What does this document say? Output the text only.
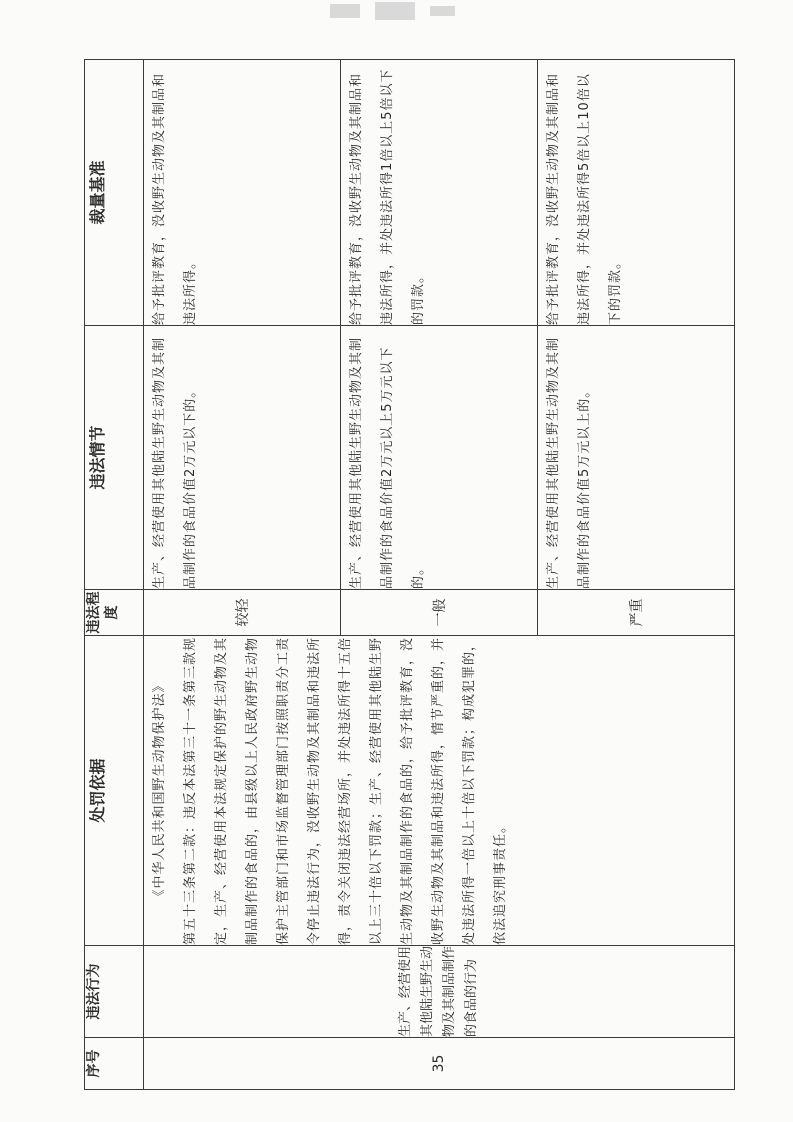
序号	违法行为	处罚依据	违法程度	违法情节	裁量基准
35	生产、经营使用其他陆生野生动物及其制品制作的食品的行为	《中华人民共和国野生动物保护法》 第五十三条第二款：违反本法第三十一条第三款规定，生产、经营使用本法规定保护的野生动物及其制品制作的食品的，由县级以上人民政府野生动物保护主管部门和市场监督管理部门按照职责分工责令停止违法行为，没收野生动物及其制品和违法所得，责令关闭违法经营场所，并处违法所得十五倍以上三十倍以下罚款；生产、经营使用其他陆生野生动物及其制品制作的食品的，给予批评教育，没收野生动物及其制品和违法所得，情节严重的，并处违法所得一倍以上十倍以下罚款；构成犯罪的，依法追究刑事责任。	较轻	生产、经营使用其他陆生野生动物及其制品制作的食品价值2万元以下的。	给予批评教育，没收野生动物及其制品和违法所得。
			一般	生产、经营使用其他陆生野生动物及其制品制作的食品价值2万元以上5万元以下的。	给予批评教育，没收野生动物及其制品和违法所得，并处违法所得1倍以上5倍以下的罚款。
			严重	生产、经营使用其他陆生野生动物及其制品制作的食品价值5万元以上的。	给予批评教育，没收野生动物及其制品和违法所得，并处违法所得5倍以上10倍以下的罚款。
